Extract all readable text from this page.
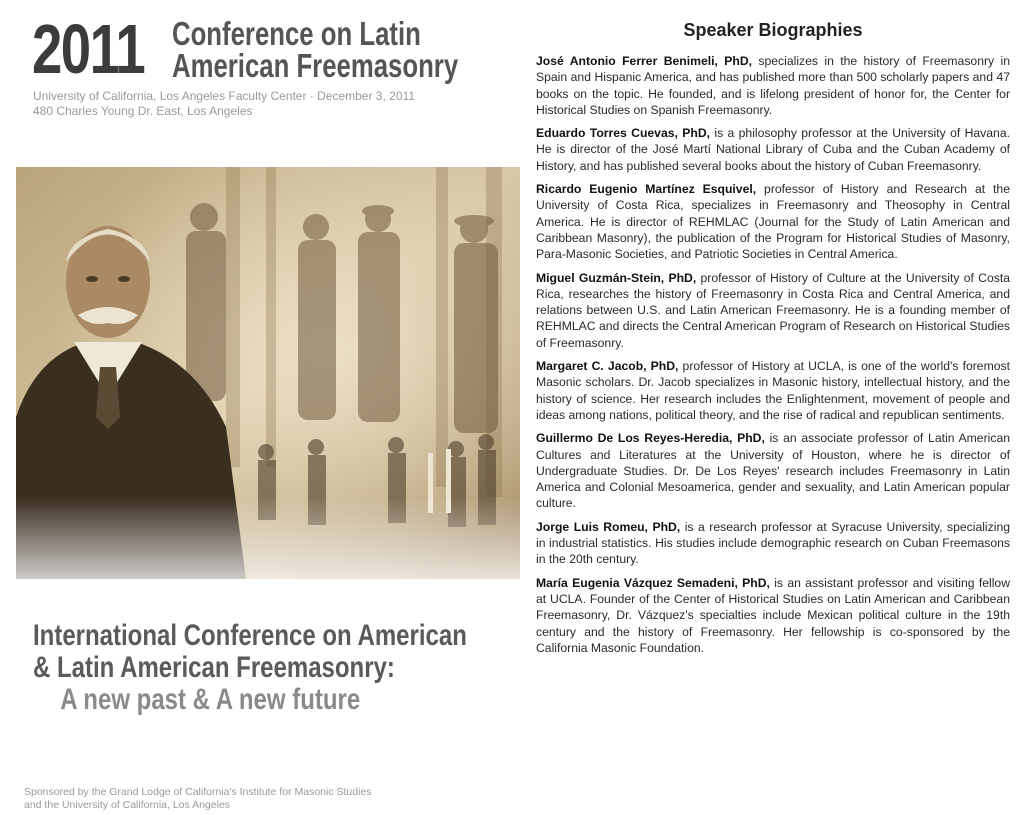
2011 Conference on Latin
American Freemasonry
University of California, Los Angeles Faculty Center · December 3, 2011
480 Charles Young Dr. East, Los Angeles
International Conference on American
& Latin American Freemasonry:
A new past & A new future
Sponsored by the Grand Lodge of California's Institute for Masonic Studies
and the University of California, Los Angeles
Speaker Biographies

José Antonio Ferrer Benimeli, PhD, specializes in the history of Freemasonry in Spain and Hispanic America, and has published more than 500 scholarly papers and 47 books on the topic. He founded, and is lifelong president of honor for, the Center for Historical Studies on Spanish Freemasonry.

Eduardo Torres Cuevas, PhD, is a philosophy professor at the University of Havana. He is director of the José Martí National Library of Cuba and the Cuban Academy of History, and has published several books about the history of Cuban Freemasonry.

Ricardo Eugenio Martínez Esquivel, professor of History and Research at the University of Costa Rica, specializes in Freemasonry and Theosophy in Central America. He is director of REHMLAC (Journal for the Study of Latin American and Caribbean Masonry), the publication of the Program for Historical Studies of Masonry, Para-Masonic Societies, and Patriotic Societies in Central America.

Miguel Guzmán-Stein, PhD, professor of History of Culture at the University of Costa Rica, researches the history of Freemasonry in Costa Rica and Central America, and relations between U.S. and Latin American Freemasonry. He is a founding member of REHMLAC and directs the Central American Program of Research on Historical Studies of Freemasonry.

Margaret C. Jacob, PhD, professor of History at UCLA, is one of the world's foremost Masonic scholars. Dr. Jacob specializes in Masonic history, intellectual history, and the history of science. Her research includes the Enlightenment, movement of people and ideas among nations, political theory, and the rise of radical and republican sentiments.

Guillermo De Los Reyes-Heredia, PhD, is an associate professor of Latin American Cultures and Literatures at the University of Houston, where he is director of Undergraduate Studies. Dr. De Los Reyes' research includes Freemasonry in Latin America and Colonial Mesoamerica, gender and sexuality, and Latin American popular culture.

Jorge Luis Romeu, PhD, is a research professor at Syracuse University, specializing in industrial statistics. His studies include demographic research on Cuban Freemasons in the 20th century.

María Eugenia Vázquez Semadeni, PhD, is an assistant professor and visiting fellow at UCLA. Founder of the Center of Historical Studies on Latin American and Caribbean Freemasonry, Dr. Vázquez's specialties include Mexican political culture in the 19th century and the history of Freemasonry. Her fellowship is co-sponsored by the California Masonic Foundation.
